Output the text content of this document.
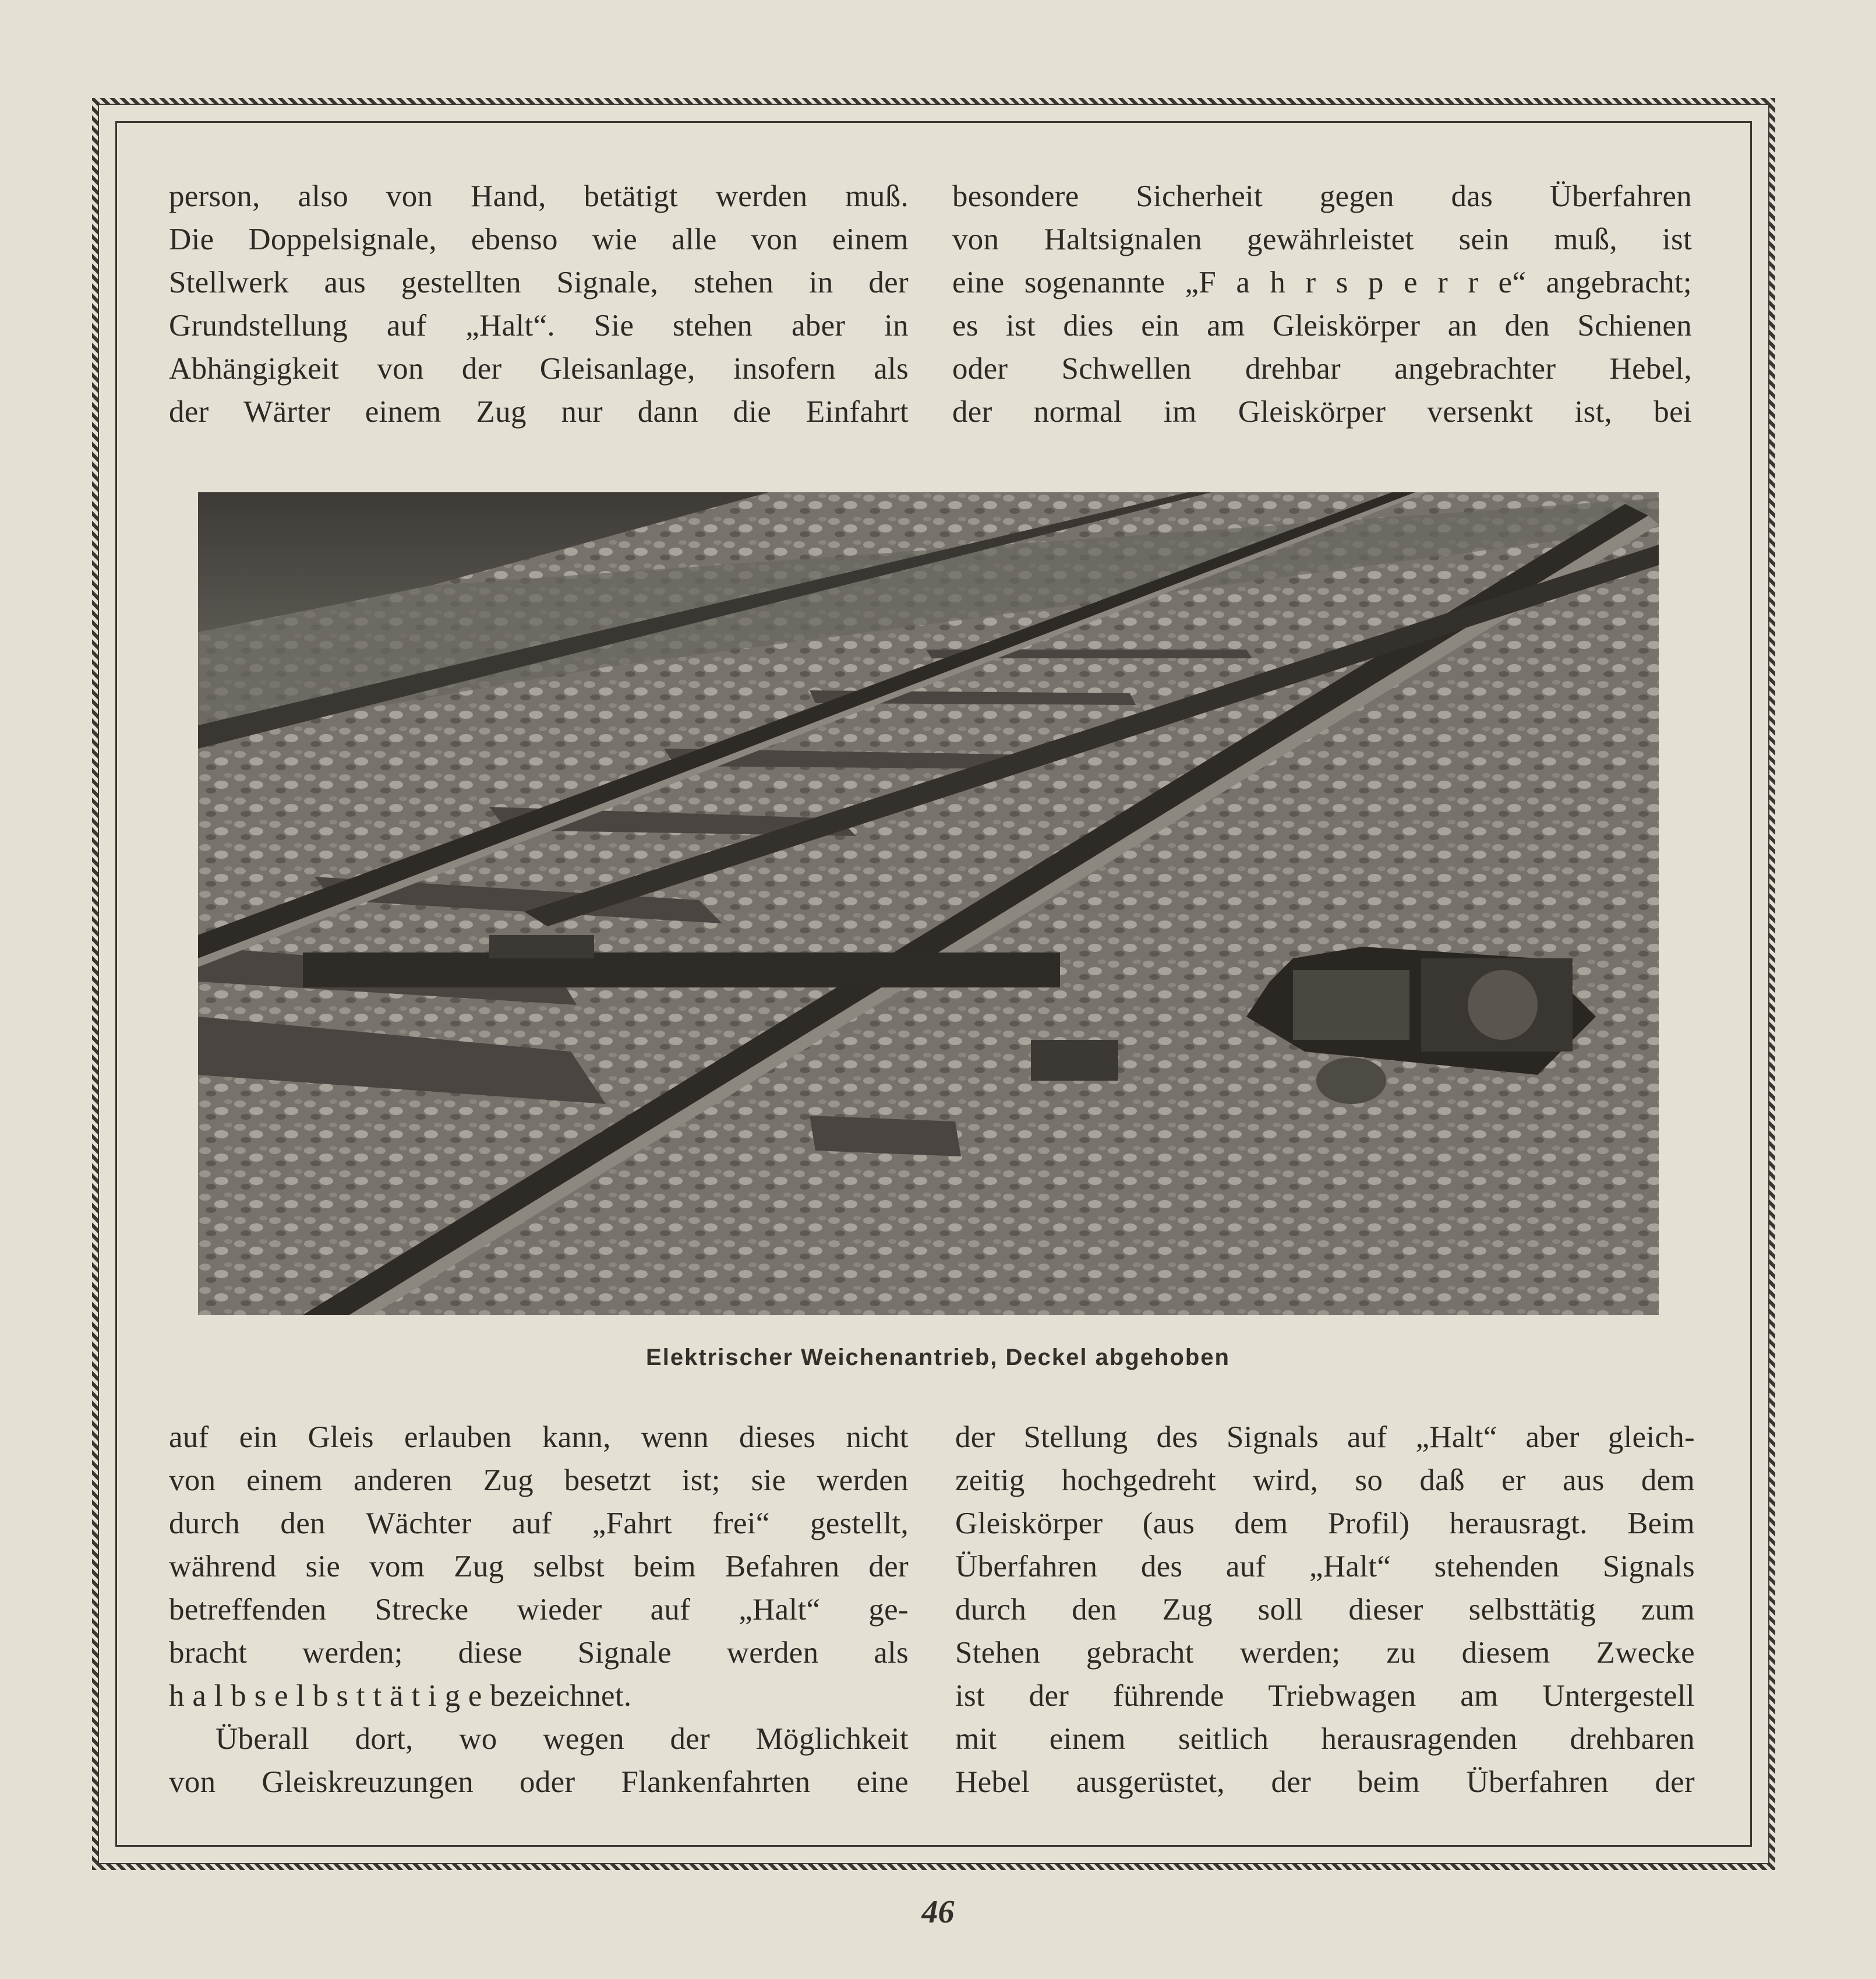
person, also von Hand, betätigt werden muß.
Die Doppelsignale, ebenso wie alle von einem
Stellwerk aus gestellten Signale, stehen in der
Grundstellung auf „Halt“. Sie stehen aber in
Abhängigkeit von der Gleisanlage, insofern als
der Wärter einem Zug nur dann die Einfahrt
besondere Sicherheit gegen das Überfahren
von Haltsignalen gewährleistet sein muß, ist
eine sogenannte „F a h r s p e r r e“ angebracht;
es ist dies ein am Gleiskörper an den Schienen
oder Schwellen drehbar angebrachter Hebel,
der normal im Gleiskörper versenkt ist, bei
Elektrischer Weichenantrieb, Deckel abgehoben
auf ein Gleis erlauben kann, wenn dieses nicht
von einem anderen Zug besetzt ist; sie werden
durch den Wächter auf „Fahrt frei“ gestellt,
während sie vom Zug selbst beim Befahren der
betreffenden Strecke wieder auf „Halt“ ge-
bracht werden; diese Signale werden als
h a l b s e l b s t t ä t i g e bezeichnet.
Überall dort, wo wegen der Möglichkeit
von Gleiskreuzungen oder Flankenfahrten eine
der Stellung des Signals auf „Halt“ aber gleich-
zeitig hochgedreht wird, so daß er aus dem
Gleiskörper (aus dem Profil) herausragt. Beim
Überfahren des auf „Halt“ stehenden Signals
durch den Zug soll dieser selbsttätig zum
Stehen gebracht werden; zu diesem Zwecke
ist der führende Triebwagen am Untergestell
mit einem seitlich herausragenden drehbaren
Hebel ausgerüstet, der beim Überfahren der
46
